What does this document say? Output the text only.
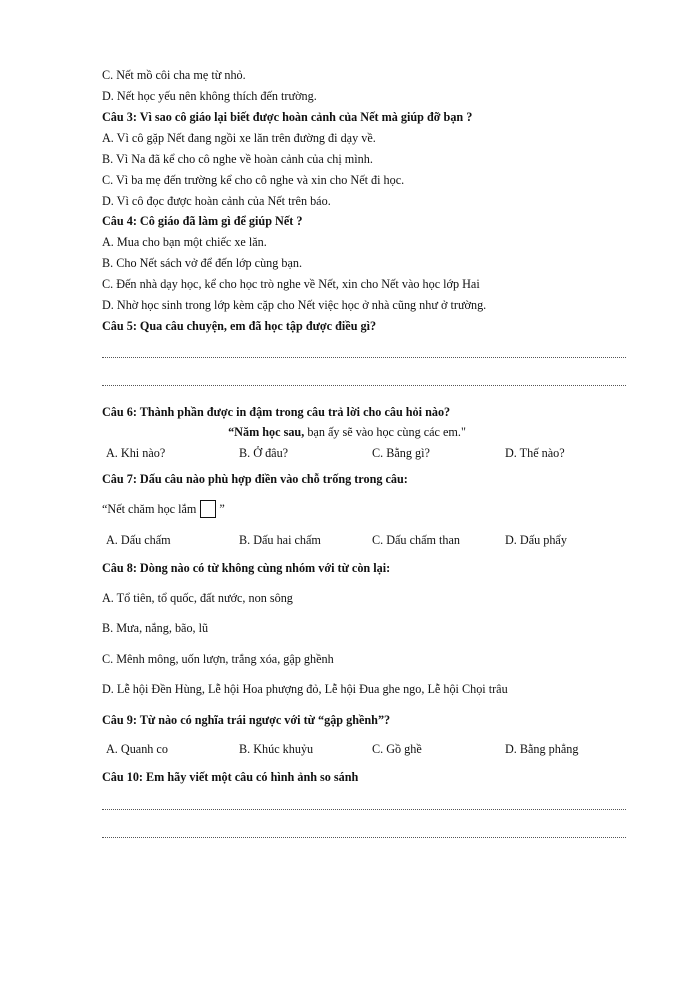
C. Nết mồ côi cha mẹ từ nhỏ.
D. Nết học yếu nên không thích đến trường.
Câu 3: Vì sao cô giáo lại biết được hoàn cảnh của Nết mà giúp đỡ bạn ?
A. Vì cô gặp Nết đang ngồi xe lăn trên đường đi dạy về.
B. Vì Na đã kể cho cô nghe về hoàn cảnh của chị mình.
C. Vì ba mẹ đến trường kể cho cô nghe và xin cho Nết đi học.
D. Vì cô đọc được hoàn cảnh của Nết trên báo.
Câu 4: Cô giáo đã làm gì để giúp Nết ?
A. Mua cho bạn một chiếc xe lăn.
B. Cho Nết sách vở để đến lớp cùng bạn.
C. Đến nhà dạy học, kể cho học trò nghe về Nết, xin cho Nết vào học lớp Hai
D. Nhờ học sinh trong lớp kèm cặp cho Nết việc học ở nhà cũng như ở trường.
Câu 5: Qua câu chuyện, em đã học tập được điều gì?
Câu 6: Thành phần được in đậm trong câu trả lời cho câu hỏi nào?
“Năm học sau, bạn ấy sẽ vào học cùng các em."
A. Khi nào?	B. Ở đâu?	C. Bằng gì?	D. Thế nào?
Câu 7: Dấu câu nào phù hợp điền vào chỗ trống trong câu:
“Nết chăm học lắm ”
A. Dấu chấm	B. Dấu hai chấm	C. Dấu chấm than	D. Dấu phẩy
Câu 8: Dòng nào có từ không cùng nhóm với từ còn lại:
A. Tổ tiên, tổ quốc, đất nước, non sông
B. Mưa, nắng, bão, lũ
C. Mênh mông, uốn lượn, trắng xóa, gập ghềnh
D. Lễ hội Đền Hùng, Lễ hội Hoa phượng đỏ, Lễ hội Đua ghe ngo, Lễ hội Chọi trâu
Câu 9: Từ nào có nghĩa trái ngược với từ “gập ghềnh”?
A. Quanh co	B. Khúc khuỷu	C. Gồ ghề	D. Bằng phẳng
Câu 10: Em hãy viết một câu có hình ảnh so sánh
